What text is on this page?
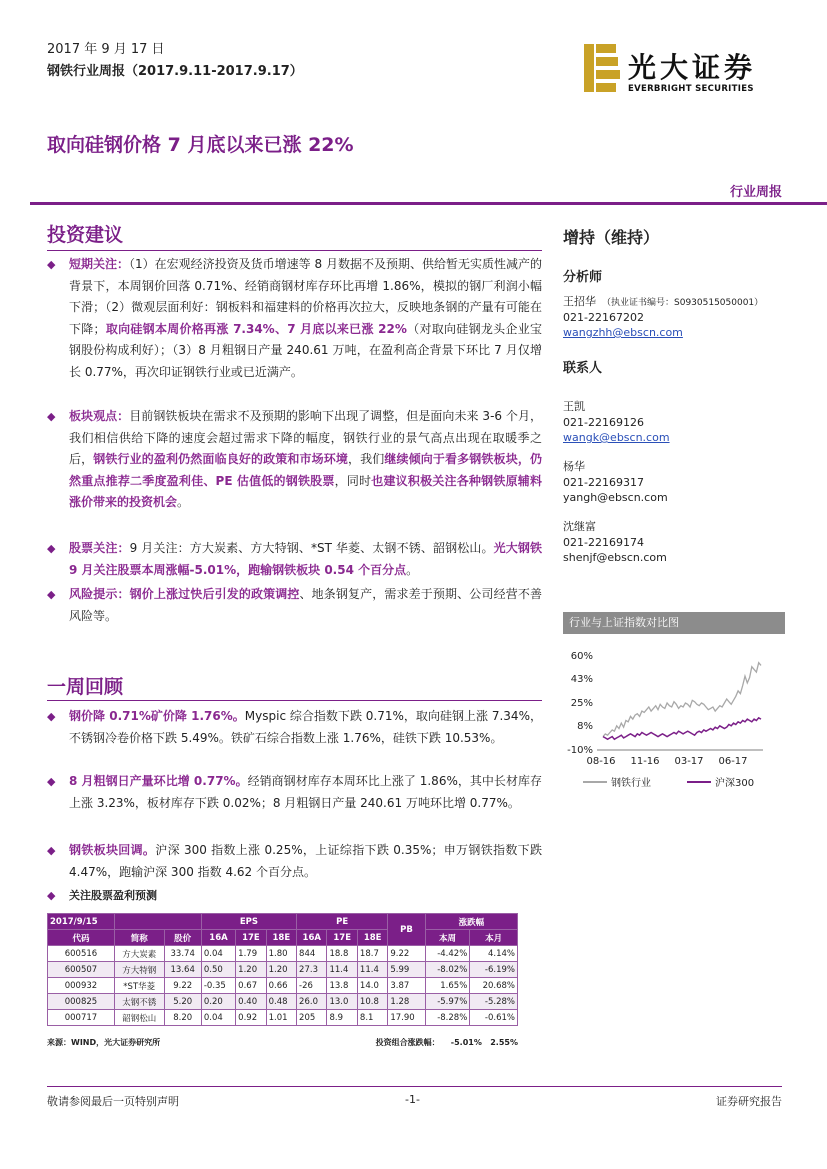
2017 年 9 月 17 日
钢铁行业周报（2017.9.11-2017.9.17）	光大证券
EVERBRIGHT SECURITIES
取向硅钢价格 7 月底以来已涨 22%
行业周报
投资建议
◆ 短期关注：（1）在宏观经济投资及货币增速等 8 月数据不及预期、供给暂无实质性减产的背景下，本周钢价回落 0.71%、经销商钢材库存环比再增 1.86%，模拟的钢厂利润小幅下滑；（2）微观层面利好：钢板料和福建料的价格再次拉大，反映地条钢的产量有可能在下降；取向硅钢本周价格再涨 7.34%、7 月底以来已涨 22%（对取向硅钢龙头企业宝钢股份构成利好）；（3）8 月粗钢日产量 240.61 万吨，在盈利高企背景下环比 7 月仅增长 0.77%，再次印证钢铁行业或已近满产。
◆ 板块观点：目前钢铁板块在需求不及预期的影响下出现了调整，但是面向未来 3-6 个月，我们相信供给下降的速度会超过需求下降的幅度，钢铁行业的景气高点出现在取暖季之后，钢铁行业的盈利仍然面临良好的政策和市场环境，我们继续倾向于看多钢铁板块，仍然重点推荐二季度盈利佳、PE 估值低的钢铁股票，同时也建议积极关注各种钢铁原辅料涨价带来的投资机会。
◆ 股票关注：9 月关注：方大炭素、方大特钢、*ST 华菱、太钢不锈、韶钢松山。光大钢铁 9 月关注股票本周涨幅-5.01%，跑输钢铁板块 0.54 个百分点。
◆ 风险提示：钢价上涨过快后引发的政策调控、地条钢复产，需求差于预期、公司经营不善风险等。
一周回顾
◆ 钢价降 0.71%矿价降 1.76%。Myspic 综合指数下跌 0.71%，取向硅钢上涨 7.34%，不锈钢冷卷价格下跌 5.49%。铁矿石综合指数上涨 1.76%，硅铁下跌 10.53%。
◆ 8 月粗钢日产量环比增 0.77%。经销商钢材库存本周环比上涨了 1.86%，其中长材库存上涨 3.23%，板材库存下跌 0.02%；8 月粗钢日产量 240.61 万吨环比增 0.77%。
◆ 钢铁板块回调。沪深 300 指数上涨 0.25%，上证综指下跌 0.35%；申万钢铁指数下跌 4.47%，跑输沪深 300 指数 4.62 个百分点。
◆ 关注股票盈利预测
2017/9/15			EPS			PE			PB	涨跌幅	
代码	简称	股价	16A	17E	18E	16A	17E	18E		本周	本月
600516	方大炭素	33.74	0.04	1.79	1.80	844	18.8	18.7	9.22	-4.42%	4.14%
600507	方大特钢	13.64	0.50	1.20	1.20	27.3	11.4	11.4	5.99	-8.02%	-6.19%
000932	*ST华菱	9.22	-0.35	0.67	0.66	-26	13.8	14.0	3.87	1.65%	20.68%
000825	太钢不锈	5.20	0.20	0.40	0.48	26.0	13.0	10.8	1.28	-5.97%	-5.28%
000717	韶钢松山	8.20	0.04	0.92	1.01	205	8.9	8.1	17.90	-8.28%	-0.61%
来源：WIND，光大证券研究所	投资组合涨跌幅： -5.01% 2.55%
增持（维持）
分析师
王招华 （执业证书编号：S0930515050001）
021-22167202
wangzhh@ebscn.com
联系人
王凯
021-22169126
wangk@ebscn.com
杨华
021-22169317
yangh@ebscn.com
沈继富
021-22169174
shenjf@ebscn.com
行业与上证指数对比图
60%
43%
25%
8%
-10%
08-16 11-16 03-17 06-17
钢铁行业	沪深300
敬请参阅最后一页特别声明	-1-	证券研究报告
